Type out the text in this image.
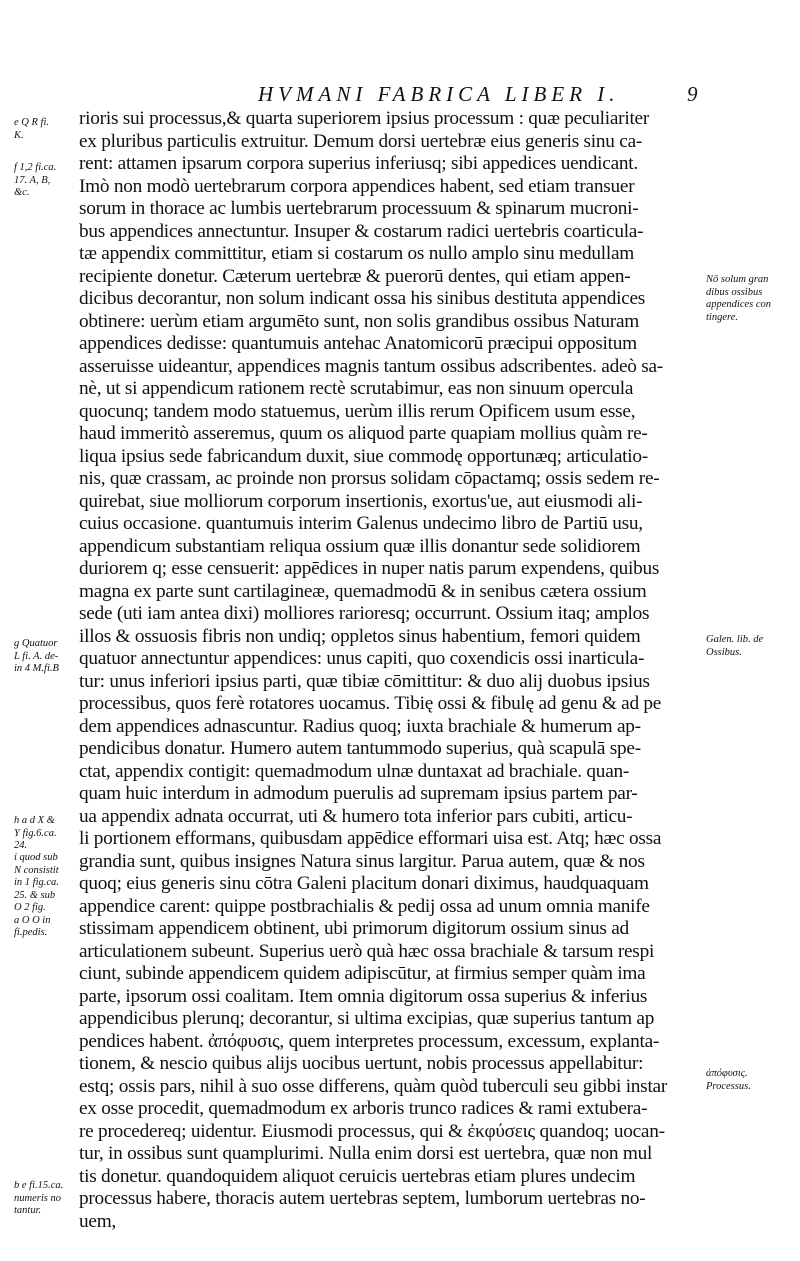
HVMANI FABRICA LIBER I.	9
rioris sui processus,& quarta superiorem ipsius processum : quæ peculiariter
ex pluribus particulis extruitur. Demum dorsi uertebræ eius generis sinu ca-
rent: attamen ipsarum corpora superius inferiusq; sibi appedices uendicant.
Imò non modò uertebrarum corpora appendices habent, sed etiam transuer
sorum in thorace ac lumbis uertebrarum processuum & spinarum mucroni-
bus appendices annectuntur. Insuper & costarum radici uertebris coarticula-
tæ appendix committitur, etiam si costarum os nullo amplo sinu medullam
recipiente donetur. Cæterum uertebræ & puerorū dentes, qui etiam appen-
dicibus decorantur, non solum indicant ossa his sinibus destituta appendices
obtinere: uerùm etiam argumēto sunt, non solis grandibus ossibus Naturam
appendices dedisse: quantumuis antehac Anatomicorū præcipui oppositum
asseruisse uideantur, appendices magnis tantum ossibus adscribentes. adeò sa-
nè, ut si appendicum rationem rectè scrutabimur, eas non sinuum opercula
quocunq; tandem modo statuemus, uerùm illis rerum Opificem usum esse,
haud immeritò asseremus, quum os aliquod parte quapiam mollius quàm re-
liqua ipsius sede fabricandum duxit, siue commodę opportunæq; articulatio-
nis, quæ crassam, ac proinde non prorsus solidam cōpactamq; ossis sedem re-
quirebat, siue molliorum corporum insertionis, exortus'ue, aut eiusmodi ali-
cuius occasione. quantumuis interim Galenus undecimo libro de Partiū usu,
appendicum substantiam reliqua ossium quæ illis donantur sede solidiorem
duriorem q; esse censuerit: appēdices in nuper natis parum expendens, quibus
magna ex parte sunt cartilagineæ, quemadmodū & in senibus cætera ossium
sede (uti iam antea dixi) molliores rarioresq; occurrunt. Ossium itaq; amplos
illos & ossuosis fibris non undiq; oppletos sinus habentium, femori quidem
quatuor annectuntur appendices: unus capiti, quo coxendicis ossi inarticula-
tur: unus inferiori ipsius parti, quæ tibiæ cōmittitur: & duo alij duobus ipsius
processibus, quos ferè rotatores uocamus. Tibię ossi & fibulę ad genu & ad pe
dem appendices adnascuntur. Radius quoq; iuxta brachiale & humerum ap-
pendicibus donatur. Humero autem tantummodo superius, quà scapulā spe-
ctat, appendix contigit: quemadmodum ulnæ duntaxat ad brachiale. quan-
quam huic interdum in admodum puerulis ad supremam ipsius partem par-
ua appendix adnata occurrat, uti & humero tota inferior pars cubiti, articu-
li portionem efformans, quibusdam appēdice efformari uisa est. Atq; hæc ossa
grandia sunt, quibus insignes Natura sinus largitur. Parua autem, quæ & nos
quoq; eius generis sinu cōtra Galeni placitum donari diximus, haudquaquam
appendice carent: quippe postbrachialis & pedij ossa ad unum omnia manife
stissimam appendicem obtinent, ubi primorum digitorum ossium sinus ad
articulationem subeunt. Superius uerò quà hæc ossa brachiale & tarsum respi
ciunt, subinde appendicem quidem adipiscūtur, at firmius semper quàm ima
parte, ipsorum ossi coalitam. Item omnia digitorum ossa superius & inferius
appendicibus plerunq; decorantur, si ultima excipias, quæ superius tantum ap
pendices habent. ἀπόφυσις, quem interpretes processum, excessum, explanta-
tionem, & nescio quibus alijs uocibus uertunt, nobis processus appellabitur:
estq; ossis pars, nihil à suo osse differens, quàm quòd tuberculi seu gibbi instar
ex osse procedit, quemadmodum ex arboris trunco radices & rami extubera-
re procedereq; uidentur. Eiusmodi processus, qui & ἐκφύσεις quandoq; uocan-
tur, in ossibus sunt quamplurimi. Nulla enim dorsi est uertebra, quæ non mul
tis donetur. quandoquidem aliquot ceruicis uertebras etiam plures undecim
processus habere, thoracis autem uertebras septem, lumborum uertebras no-
uem,
e Q R fi.
K.
f 1,2 fi.ca.
17. A, B,
&c.
g Quatuor
L fi. A. de-
in 4 M.fi.B
h a d X &
Y fig.6.ca.
24.
i quod sub
N consistit
in 1 fig.ca.
25. & sub
O 2 fig.
a O O in
fi.pedis.
b e fi.15.ca.
numeris no
tantur.
Nō solum gran
dibus ossibus
appendices con
tingere.
Galen. lib. de
Ossibus.
ἀπόφυσις.
Processus.
